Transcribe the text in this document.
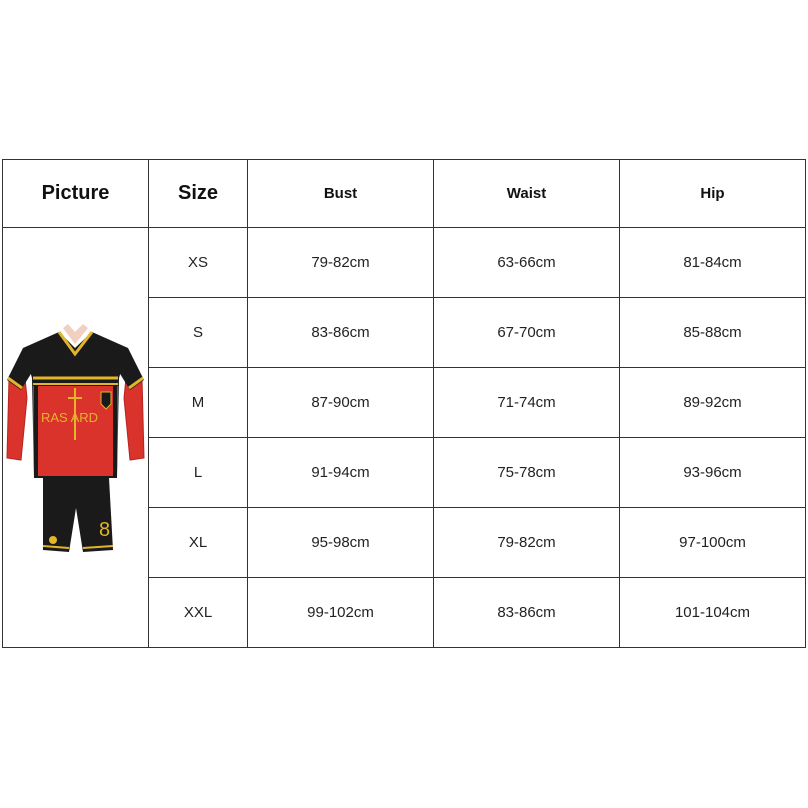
Picture	Size	Bust	Waist	Hip

RAS ARD
8	XS	79-82cm	63-66cm	81-84cm
	S	83-86cm	67-70cm	85-88cm
	M	87-90cm	71-74cm	89-92cm
	L	91-94cm	75-78cm	93-96cm
	XL	95-98cm	79-82cm	97-100cm
	XXL	99-102cm	83-86cm	101-104cm
